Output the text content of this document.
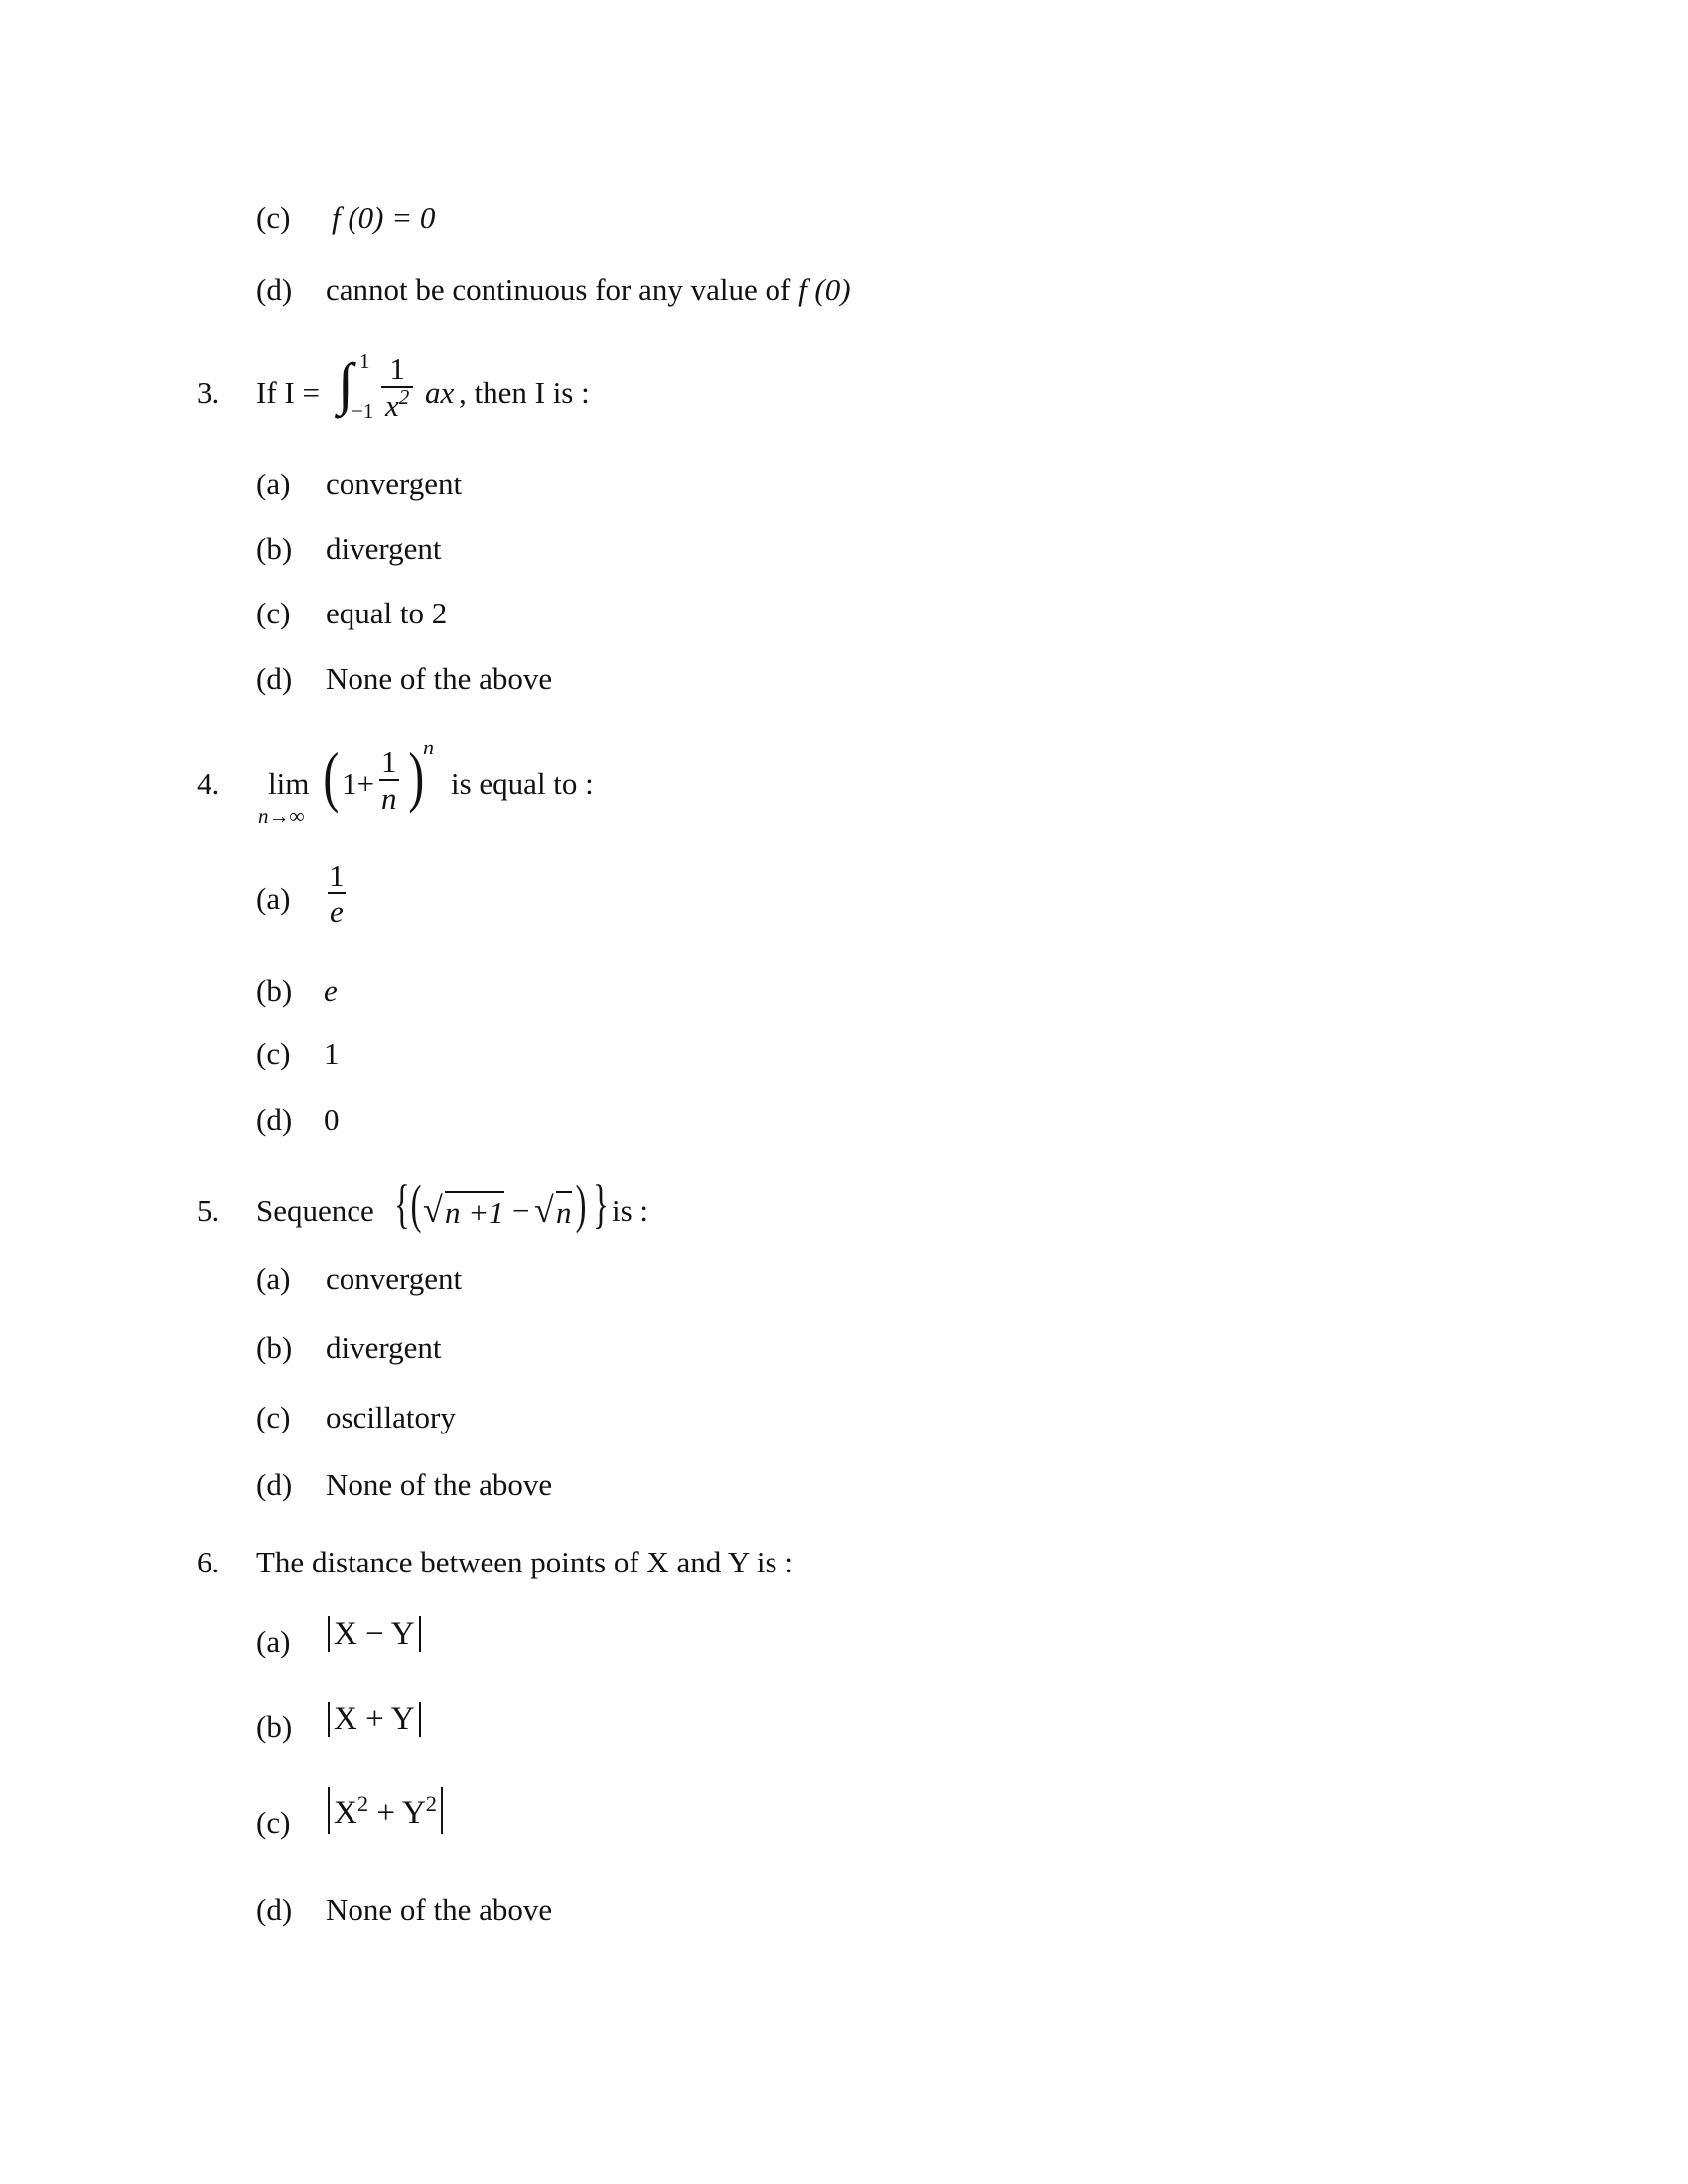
(c) f (0) = 0
(d) cannot be continuous for any value of f (0)
3. If I = ∫ 1
$-1 \frac{1}{x^2}$ ax , then I is :
(a) convergent
(b) divergent
(c) equal to 2
(d) None of the above
4. lim
n→∞
( $1+ \frac{1}{n}$ )
n
is equal to :
$(a) \frac{1}{e}$
(b) e
(c) 1
(d) 0
5. Sequence { ( √ n +1 − √ n ) } is :
(a) convergent
(b) divergent
(c) oscillatory
(d) None of the above
6. The distance between points of X and Y is :
(a) X − Y
(b) X + Y
(c) $X^2 + Y^2$
(d) None of the above
